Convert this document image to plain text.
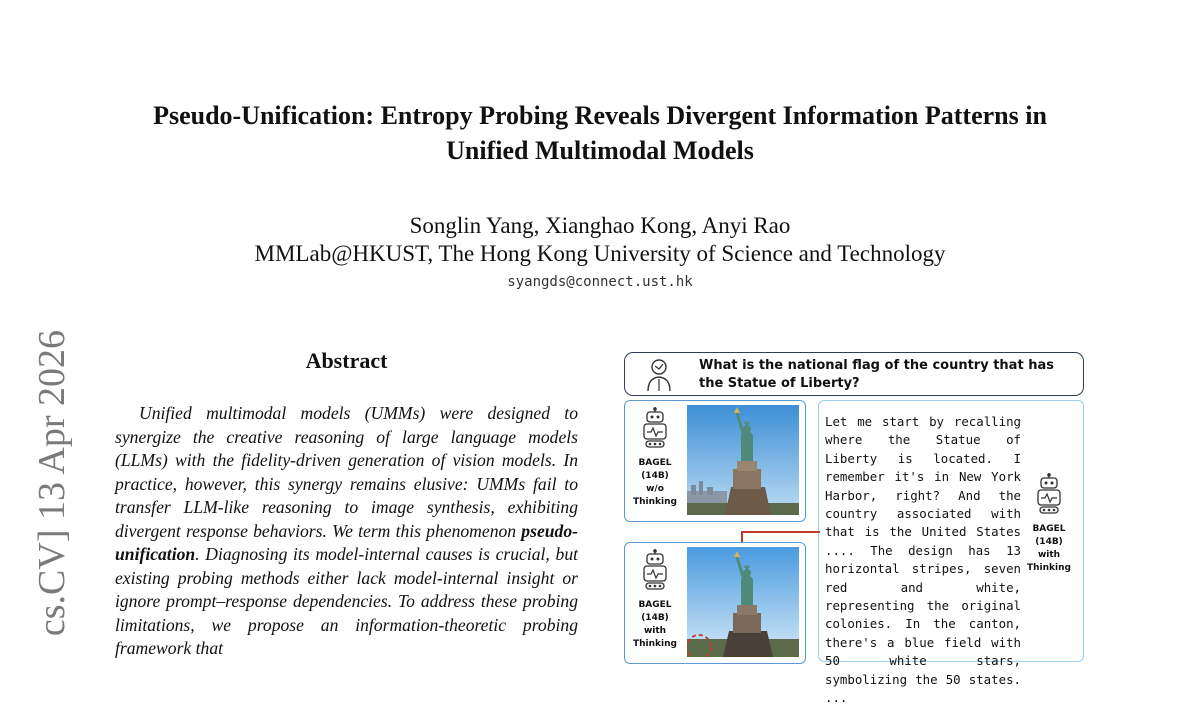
Pseudo-Unification: Entropy Probing Reveals Divergent Information Patterns in
Unified Multimodal Models
Songlin Yang, Xianghao Kong, Anyi Rao
MMLab@HKUST, The Hong Kong University of Science and Technology
syangds@connect.ust.hk
cs.CV] 13 Apr 2026	Abstract
Unified multimodal models (UMMs) were designed to synergize the creative reasoning of large language models (LLMs) with the fidelity-driven generation of vision models. In practice, however, this synergy remains elusive: UMMs fail to transfer LLM-like reasoning to image synthesis, exhibiting divergent response behaviors. We term this phenomenon pseudo-unification. Diagnosing its model-internal causes is crucial, but existing probing methods either lack model-internal insight or ignore prompt–response dependencies. To address these probing limitations, we propose an information-theoretic probing framework that
What is the national flag of the country that has the Statue of Liberty?
BAGEL
(14B)
w/o
Thinking
Let me start by recalling where the Statue of Liberty is located. I remember it's in New York Harbor, right? And the country associated with that is the United States .... The design has 13 horizontal stripes, seven red and white, representing the original colonies. In the canton, there's a blue field with 50 white stars, symbolizing the 50 states. ...
BAGEL
(14B)
with
Thinking
BAGEL
(14B)
with
Thinking
